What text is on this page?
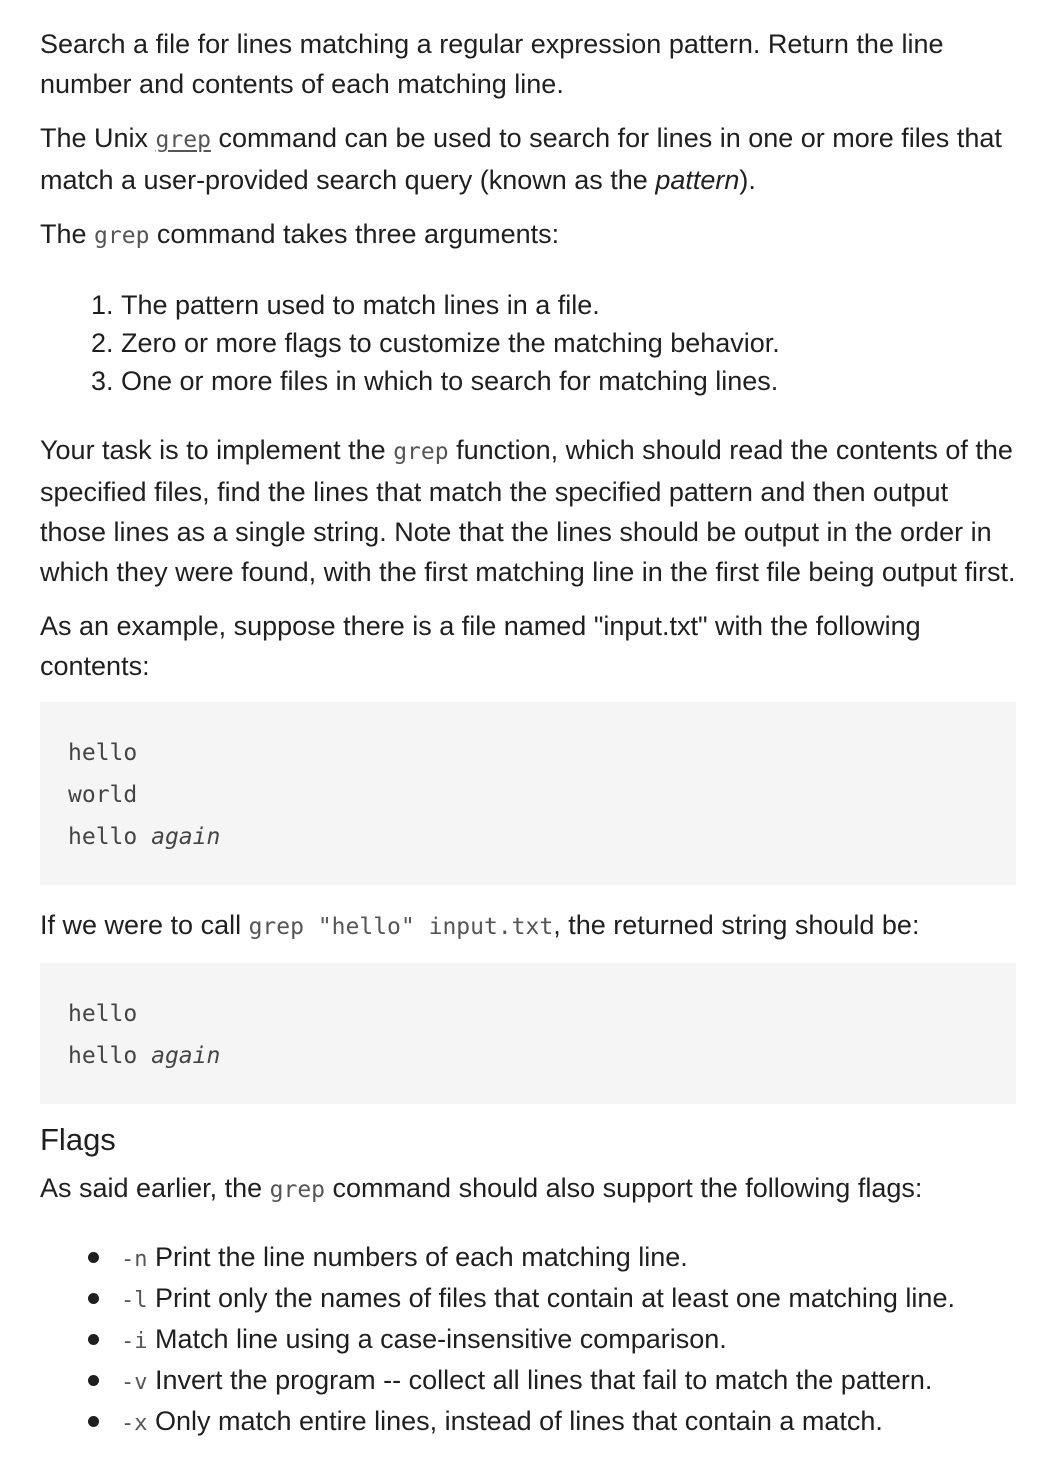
Search a file for lines matching a regular expression pattern. Return the line number and contents of each matching line.

The Unix grep command can be used to search for lines in one or more files that match a user-provided search query (known as the pattern).

The grep command takes three arguments:

1. The pattern used to match lines in a file.
2. Zero or more flags to customize the matching behavior.
3. One or more files in which to search for matching lines.

Your task is to implement the grep function, which should read the contents of the specified files, find the lines that match the specified pattern and then output those lines as a single string. Note that the lines should be output in the order in which they were found, with the first matching line in the first file being output first.

As an example, suppose there is a file named "input.txt" with the following contents:

hello
world
hello again

If we were to call grep "hello" input.txt, the returned string should be:

hello
hello again
Flags

As said earlier, the grep command should also support the following flags:

-n Print the line numbers of each matching line.
-l Print only the names of files that contain at least one matching line.
-i Match line using a case-insensitive comparison.
-v Invert the program -- collect all lines that fail to match the pattern.
-x Only match entire lines, instead of lines that contain a match.
